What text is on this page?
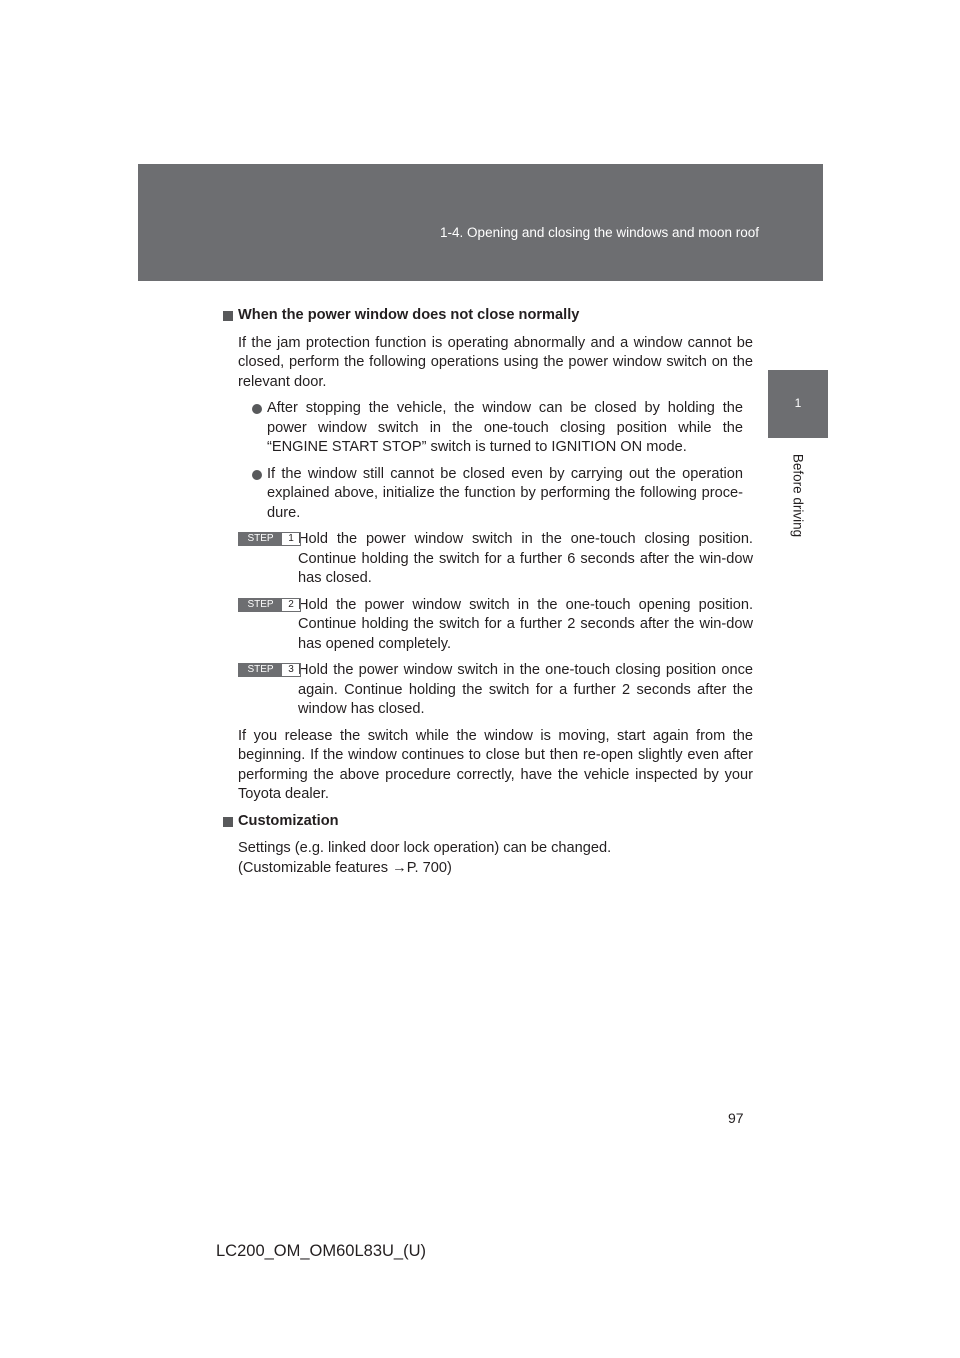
1-4. Opening and closing the windows and moon roof
1
Before driving
When the power window does not close normally

If the jam protection function is operating abnormally and a window cannot be closed, perform the following operations using the power window switch on the relevant door.

After stopping the vehicle, the window can be closed by holding the power window switch in the one-touch closing position while the “ENGINE START STOP” switch is turned to IGNITION ON mode.
If the window still cannot be closed even by carrying out the operation explained above, initialize the function by performing the following proce-dure.
STEP	1 Hold the power window switch in the one-touch closing position. Continue holding the switch for a further 6 seconds after the win-dow has closed.
STEP	2 Hold the power window switch in the one-touch opening position. Continue holding the switch for a further 2 seconds after the win-dow has opened completely.
STEP	3 Hold the power window switch in the one-touch closing position once again. Continue holding the switch for a further 2 seconds after the window has closed.

If you release the switch while the window is moving, start again from the beginning. If the window continues to close but then re-open slightly even after performing the above procedure correctly, have the vehicle inspected by your Toyota dealer.

Customization

Settings (e.g. linked door lock operation) can be changed.

(Customizable features →P. 700)

97
LC200_OM_OM60L83U_(U)
